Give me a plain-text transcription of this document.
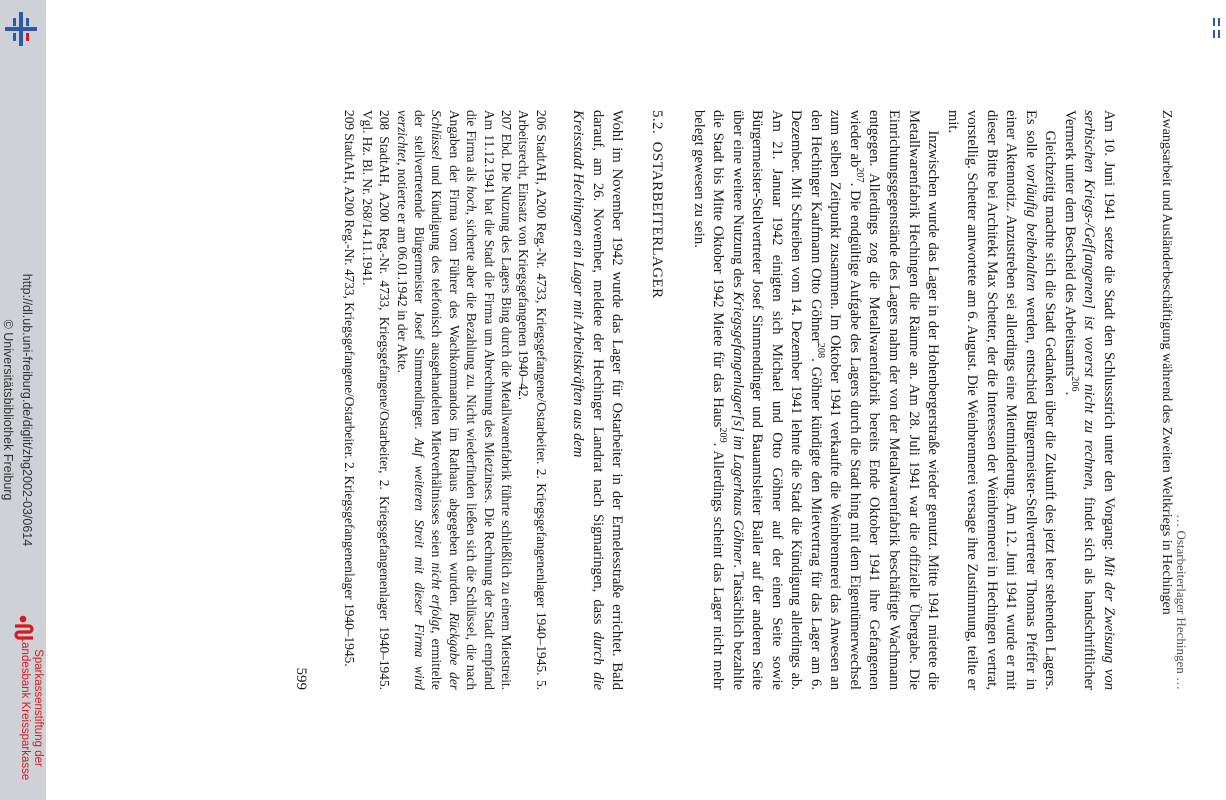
http://dl.ub.uni-freiburg.de/diglit/zhg2002-03/0614
© Universitätsbibliothek Freiburg
Sparkassenstiftung der
Landesbank Kreissparkasse
… Ostarbeiterlager Hechingen …
Zwangsarbeit und Ausländerbeschäftigung während des Zweiten Weltkriegs in Hechingen

Am 10. Juni 1941 setzte die Stadt den Schlussstrich unter den Vorgang: Mit der Zweisung von serbischen Kriegs-/Gef[angenen] ist vorerst nicht zu rechnen, findet sich als handschriftlicher Vermerk unter dem Bescheid des Arbeitsamts$^{206}$.

Gleichzeitig machte sich die Stadt Gedanken über die Zukunft des jetzt leer stehenden Lagers. Es solle vorläufig beibehalten werden, entschied Bürgermeister-Stellvertreter Thomas Pfeffer in einer Aktennotiz. Anzustreben sei allerdings eine Mietminderung. Am 12. Juni 1941 wurde er mit dieser Bitte bei Architekt Max Schetter, der die Interessen der Weinbrennerei in Hechingen vertrat, vorstellig. Schetter antwortete am 6. August. Die Weinbrennerei versage ihre Zustimmung, teilte er mit.

Inzwischen wurde das Lager in der Hohenbergerstraße wieder genutzt. Mitte 1941 mietete die Metallwarenfabrik Hechingen die Räume an. Am 28. Juli 1941 war die offizielle Übergabe. Die Einrichtungsgegenstände des Lagers nahm der von der Metallwarenfabrik beschäftigte Wachmann entgegen. Allerdings zog die Metallwarenfabrik bereits Ende Oktober 1941 ihre Gefangenen wieder $ab^{207}$. Die endgültige Aufgabe des Lagers durch die Stadt hing mit dem Eigentümerwechsel zum selben Zeitpunkt zusammen. Im Oktober 1941 verkaufte die Weinbrennerei das Anwesen an den Hechinger Kaufmann Otto Göhner$^{208}$. Göhner kündigte den Mietvertrag für das Lager am 6. Dezember. Mit Schreiben vom 14. Dezember 1941 lehnte die Stadt die Kündigung allerdings ab. Am 21. Januar 1942 einigten sich Michael und Otto Göhner auf der einen Seite sowie Bürgermeister-Stellvertreter Josef Simmendinger und Bauamtsleiter Bailer auf der anderen Seite über eine weitere Nutzung des Kriegsgefangenlager[s] im Lagerhaus Göhner. Tatsächlich bezahlte die Stadt bis Mitte Oktober 1942 Miete für das Haus$^{209}$. Allerdings scheint das Lager nicht mehr belegt gewesen zu sein.

5.2.OSTARBEITERLAGER

Wohl im November 1942 wurde das Lager für Ostarbeiter in der Ermelesstraße errichtet. Bald darauf, am 26. November, meldete der Hechinger Landrat nach Sigmaringen, dass durch die Kreisstadt Hechingen ein Lager mit Arbeitskräften aus dem

206 StadtAH, A200 Reg.-Nr. 4733, Kriegsgefangene/Ostarbeiter. 2. Kriegsgefangenenlager 1940–1945. 5. Arbeitsrecht, Einsatz von Kriegsgefangenen 1940–42.

207 Ebd. Die Nutzung des Lagers Bing durch die Metallwarenfabrik führte schließlich zu einem Mietstreit. Am 11.12.1941 bat die Stadt die Firma um Abrechnung des Mietzinses. Die Rechnung der Stadt empfand die Firma als hoch, sicherte aber die Bezahlung zu. Nicht wiederfinden ließen sich die Schlüssel, die nach Angaben der Firma vom Führer des Wachkommandos im Rathaus abgegeben wurden. Rückgabe der Schlüssel und Kündigung des telefonisch ausgehandelten Mietverhältnisses seien nicht erfolgt, ermittelte der stellvertretende Bürgermeister Josef Simmendinger. Auf weiteren Streit mit dieser Firma wird verzichtet, notierte er am 06.01.1942 in der Akte.

208 StadtAH, A200 Reg.-Nr. 4733, Kriegsgefangene/Ostarbeiter, 2. Kriegsgefangenenlager 1940–1945. Vgl. Hz. Bl. Nr. 268/14.11.1941.

209 StadtAH, A200 Reg.-Nr. 4733, Kriegsgefangene/Ostarbeiter. 2. Kriegsgefangenenlager 1940–1945.

599
